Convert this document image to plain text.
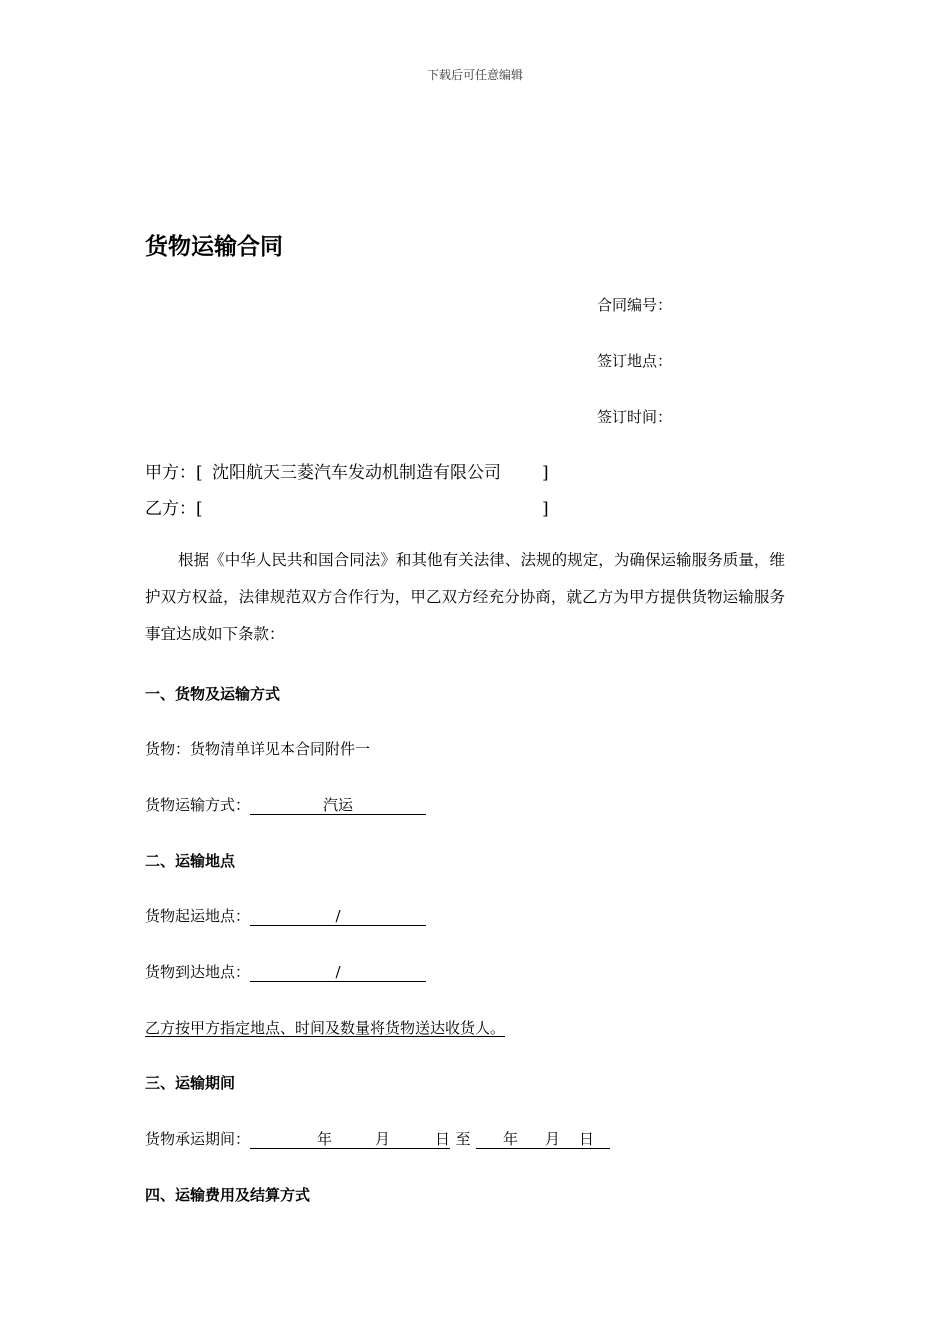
下载后可任意编辑
货物运输合同
合同编号：
签订地点：
签订时间：
甲方：[ 沈阳航天三菱汽车发动机制造有限公司 ]
乙方：[	]
根据《中华人民共和国合同法》和其他有关法律、法规的规定，为确保运输服务质量，维护双方权益，法律规范双方合作行为，甲乙双方经充分协商，就乙方为甲方提供货物运输服务事宜达成如下条款：
一、货物及运输方式
货物：货物清单详见本合同附件一
货物运输方式：	汽运
二、运输地点
货物起运地点：	/
货物到达地点：	/
乙方按甲方指定地点、时间及数量将货物送达收货人。
三、运输期间
货物承运期间：	年	月	日 至 年 月 日
四、运输费用及结算方式
